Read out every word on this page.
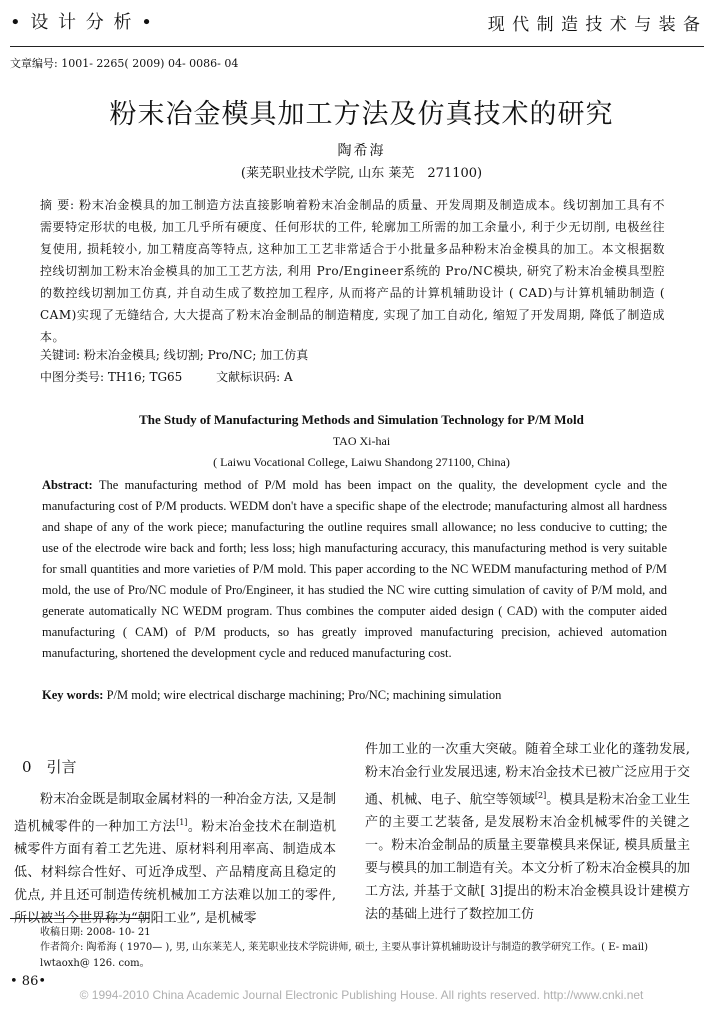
• 设 计 分 析 •	现 代 制 造 技 术 与 装 备
文章编号: 1001- 2265( 2009) 04- 0086- 04
粉末冶金模具加工方法及仿真技术的研究
陶希海
(莱芜职业技术学院, 山东 莱芜　271100)
摘 要: 粉末冶金模具的加工制造方法直接影响着粉末冶金制品的质量、开发周期及制造成本。线切割加工具有不需要特定形状的电极, 加工几乎所有硬度、任何形状的工件, 轮廓加工所需的加工余量小, 利于少无切削, 电极丝往复使用, 损耗较小, 加工精度高等特点, 这种加工工艺非常适合于小批量多品种粉末冶金模具的加工。本文根据数控线切割加工粉末冶金模具的加工工艺方法, 利用 Pro/Engineer系统的 Pro/NC模块, 研究了粉末冶金模具型腔的数控线切割加工仿真, 并自动生成了数控加工程序, 从而将产品的计算机辅助设计 ( CAD)与计算机辅助制造 ( CAM)实现了无缝结合, 大大提高了粉末冶金制品的制造精度, 实现了加工自动化, 缩短了开发周期, 降低了制造成本。
关键词: 粉末冶金模具; 线切割; Pro/NC; 加工仿真
中图分类号: TH16; TG65	文献标识码: A
The Study of Manufacturing Methods and Simulation Technology for P/M Mold
TAO Xi-hai
( Laiwu Vocational College, Laiwu Shandong 271100, China)
Abstract: The manufacturing method of P/M mold has been impact on the quality, the development cycle and the manufacturing cost of P/M products. WEDM don't have a specific shape of the electrode; manufacturing almost all hardness and shape of any of the work piece; manufacturing the outline requires small allowance; no less conducive to cutting; the use of the electrode wire back and forth; less loss; high manufacturing accuracy, this manufacturing method is very suitable for small quantities and more varieties of P/M mold. This paper according to the NC WEDM manufacturing method of P/M mold, the use of Pro/NC module of Pro/Engineer, it has studied the NC wire cutting simulation of cavity of P/M mold, and generate automatically NC WEDM program. Thus combines the computer aided design ( CAD) with the computer aided manufacturing ( CAM) of P/M products, so has greatly improved manufacturing precision, achieved automation manufacturing, shortened the development cycle and reduced manufacturing cost.
Key words: P/M mold; wire electrical discharge machining; Pro/NC; machining simulation
0　引言
粉末冶金既是制取金属材料的一种冶金方法, 又是制造机械零件的一种加工方法[1]。粉末冶金技术在制造机械零件方面有着工艺先进、原材料利用率高、制造成本低、材料综合性好、可近净成型、产品精度高且稳定的优点, 并且还可制造传统机械加工方法难以加工的零件, 所以被当今世界称为“朝阳工业”, 是机械零
件加工业的一次重大突破。随着全球工业化的蓬勃发展, 粉末冶金行业发展迅速, 粉末冶金技术已被广泛应用于交通、机械、电子、航空等领域[2]。模具是粉末冶金工业生产的主要工艺装备, 是发展粉末冶金机械零件的关键之一。粉末冶金制品的质量主要靠模具来保证, 模具质量主要与模具的加工制造有关。本文分析了粉末冶金模具的加工方法, 并基于文献[ 3]提出的粉末冶金模具设计建模方法的基础上进行了数控加工仿
收稿日期: 2008- 10- 21
作者简介: 陶希海 ( 1970— ), 男, 山东莱芜人, 莱芜职业技术学院讲师, 硕士, 主要从事计算机辅助设计与制造的教学研究工作。( E- mail) lwtaoxh@ 126. com。
• 86•
© 1994-2010 China Academic Journal Electronic Publishing House. All rights reserved. http://www.cnki.net
